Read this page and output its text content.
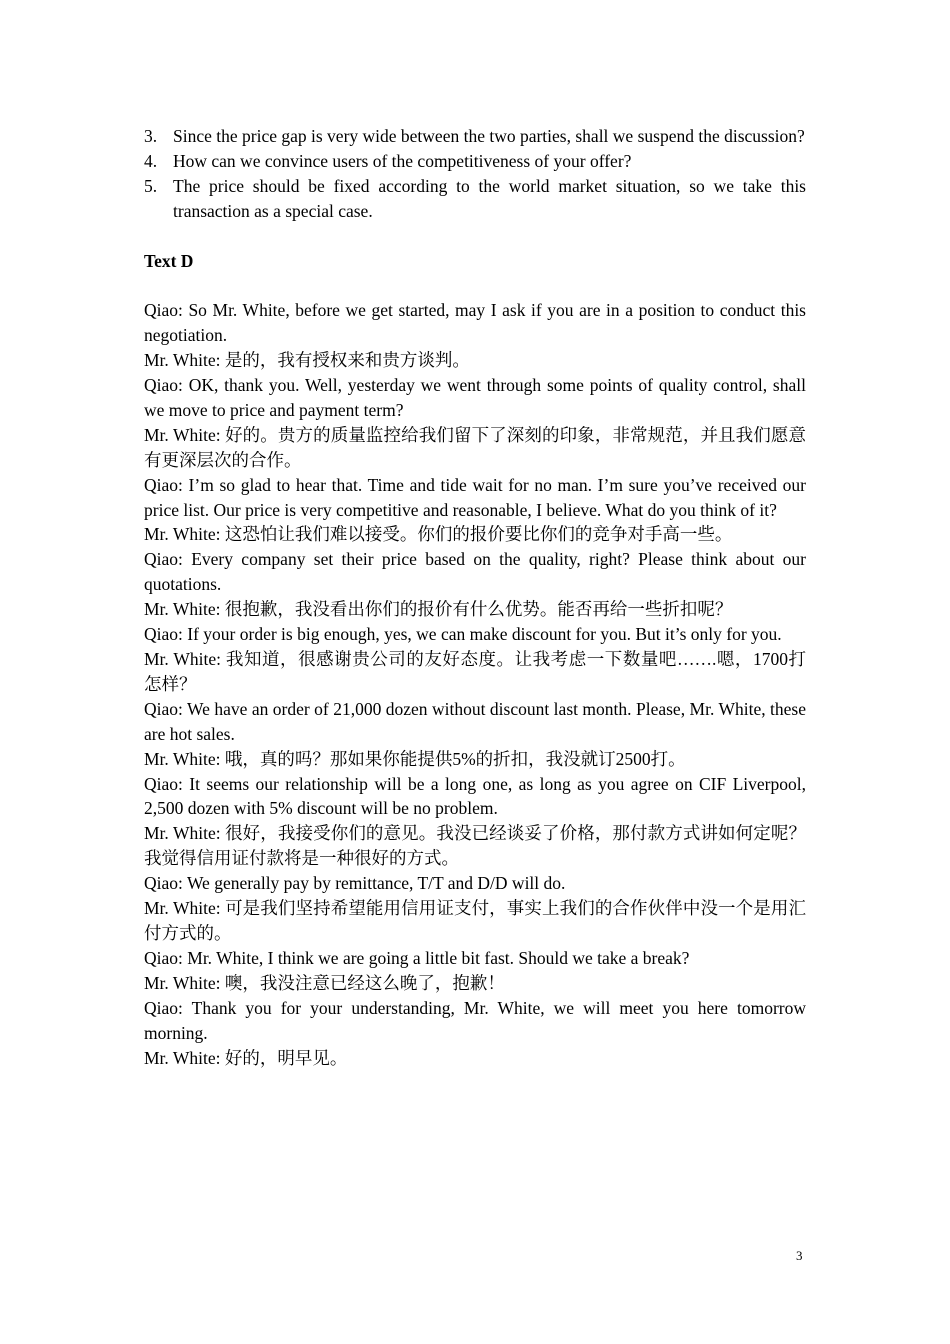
3. Since the price gap is very wide between the two parties, shall we suspend the discussion?
4. How can we convince users of the competitiveness of your offer?
5. The price should be fixed according to the world market situation, so we take this transaction as a special case.
Text D

Qiao: So Mr. White, before we get started, may I ask if you are in a position to conduct this negotiation.

Mr. White: 是的，我有授权来和贵方谈判。

Qiao: OK, thank you. Well, yesterday we went through some points of quality control, shall we move to price and payment term?

Mr. White: 好的。贵方的质量监控给我们留下了深刻的印象，非常规范，并且我们愿意有更深层次的合作。

Qiao: I’m so glad to hear that. Time and tide wait for no man. I’m sure you’ve received our price list. Our price is very competitive and reasonable, I believe. What do you think of it?

Mr. White: 这恐怕让我们难以接受。你们的报价要比你们的竞争对手高一些。

Qiao: Every company set their price based on the quality, right? Please think about our quotations.

Mr. White: 很抱歉，我没看出你们的报价有什么优势。能否再给一些折扣呢？

Qiao: If your order is big enough, yes, we can make discount for you. But it’s only for you.

Mr. White: 我知道，很感谢贵公司的友好态度。让我考虑一下数量吧…….嗯，1700打怎样？

Qiao: We have an order of 21,000 dozen without discount last month. Please, Mr. White, these are hot sales.

Mr. White: 哦，真的吗？那如果你能提供5%的折扣，我没就订2500打。

Qiao: It seems our relationship will be a long one, as long as you agree on CIF Liverpool, 2,500 dozen with 5% discount will be no problem.

Mr. White: 很好，我接受你们的意见。我没已经谈妥了价格，那付款方式讲如何定呢？我觉得信用证付款将是一种很好的方式。

Qiao: We generally pay by remittance, T/T and D/D will do.

Mr. White: 可是我们坚持希望能用信用证支付，事实上我们的合作伙伴中没一个是用汇付方式的。

Qiao: Mr. White, I think we are going a little bit fast. Should we take a break?

Mr. White: 噢，我没注意已经这么晚了，抱歉！

Qiao: Thank you for your understanding, Mr. White, we will meet you here tomorrow morning.

Mr. White: 好的，明早见。

3
